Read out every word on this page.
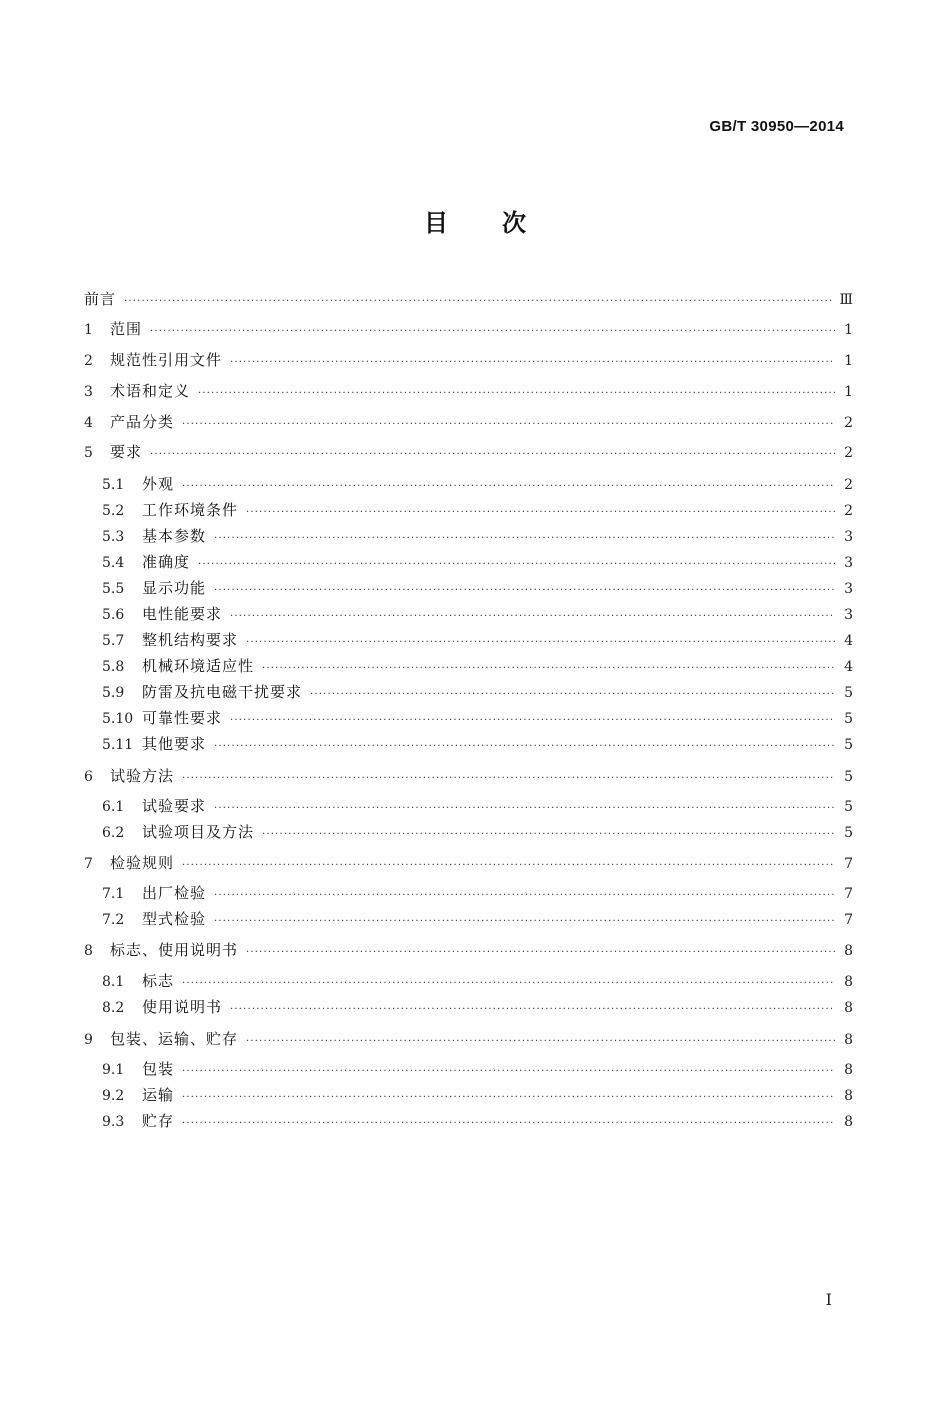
GB/T 30950—2014
目 次
前言 ·····	Ⅲ
1	范围 ·····	1
2	规范性引用文件 ·····	1
3	术语和定义 ·····	1
4	产品分类 ·····	2
5	要求 ·····	2
5.1	外观 ·····	2
5.2	工作环境条件 ·····	2
5.3	基本参数 ·····	3
5.4	准确度 ·····	3
5.5	显示功能 ·····	3
5.6	电性能要求 ·····	3
5.7	整机结构要求 ·····	4
5.8	机械环境适应性 ·····	4
5.9	防雷及抗电磁干扰要求 ·····	5
5.10 可靠性要求 ·····	5
5.11 其他要求 ·····	5
6	试验方法 ·····	5
6.1	试验要求 ·····	5
6.2	试验项目及方法 ·····	5
7	检验规则 ·····	7
7.1	出厂检验 ·····	7
7.2	型式检验 ·····	7
8	标志、使用说明书 ·····	8
8.1	标志 ·····	8
8.2	使用说明书 ·····	8
9	包装、运输、贮存 ·····	8
9.1	包装 ·····	8
9.2	运输 ·····	8
9.3	贮存 ·····	8
I
